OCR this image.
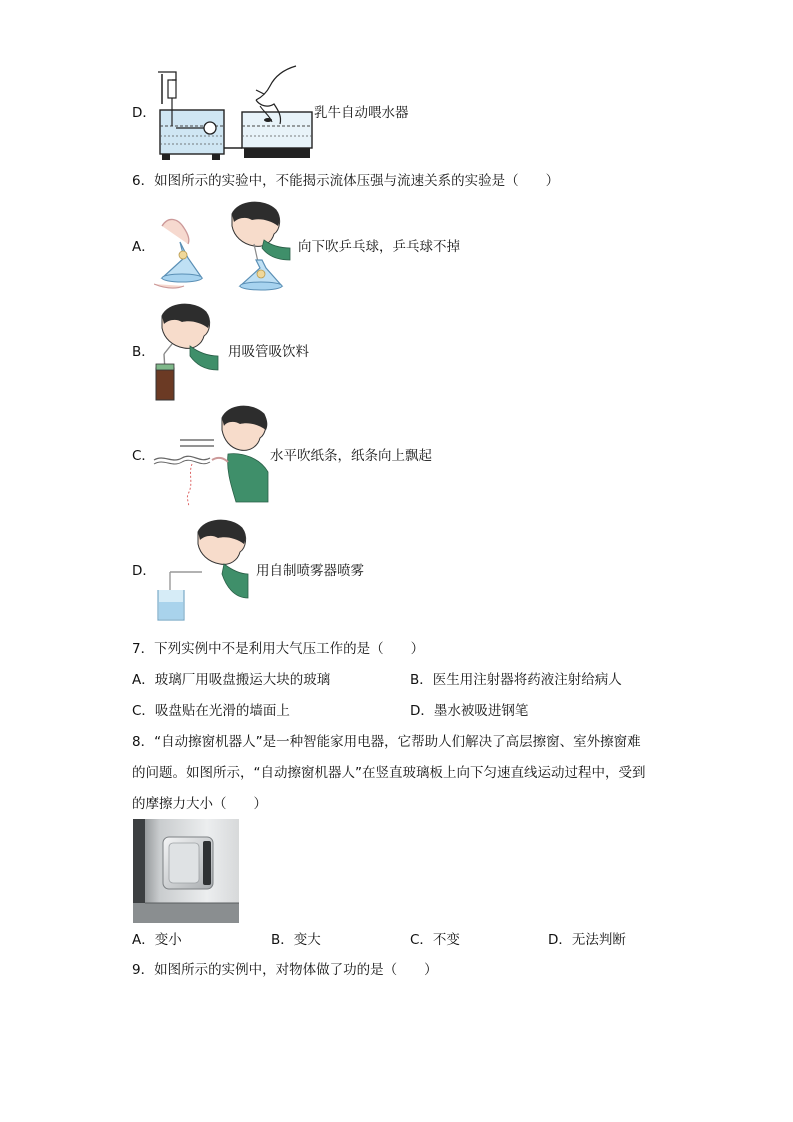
D．	乳牛自动喂水器
6．如图所示的实验中，不能揭示流体压强与流速关系的实验是（　　）
A．	向下吹乒乓球，乒乓球不掉
B．	用吸管吸饮料
C．	水平吹纸条，纸条向上飘起
D．	用自制喷雾器喷雾
7．下列实例中不是利用大气压工作的是（　　）
A．玻璃厂用吸盘搬运大块的玻璃	B．医生用注射器将药液注射给病人
C．吸盘贴在光滑的墙面上	D．墨水被吸进钢笔
8．“自动擦窗机器人”是一种智能家用电器，它帮助人们解决了高层擦窗、室外擦窗难
的问题。如图所示，“自动擦窗机器人”在竖直玻璃板上向下匀速直线运动过程中，受到
的摩擦力大小（　　）
A．变小	B．变大	C．不变	D．无法判断
9．如图所示的实例中，对物体做了功的是（　　）
